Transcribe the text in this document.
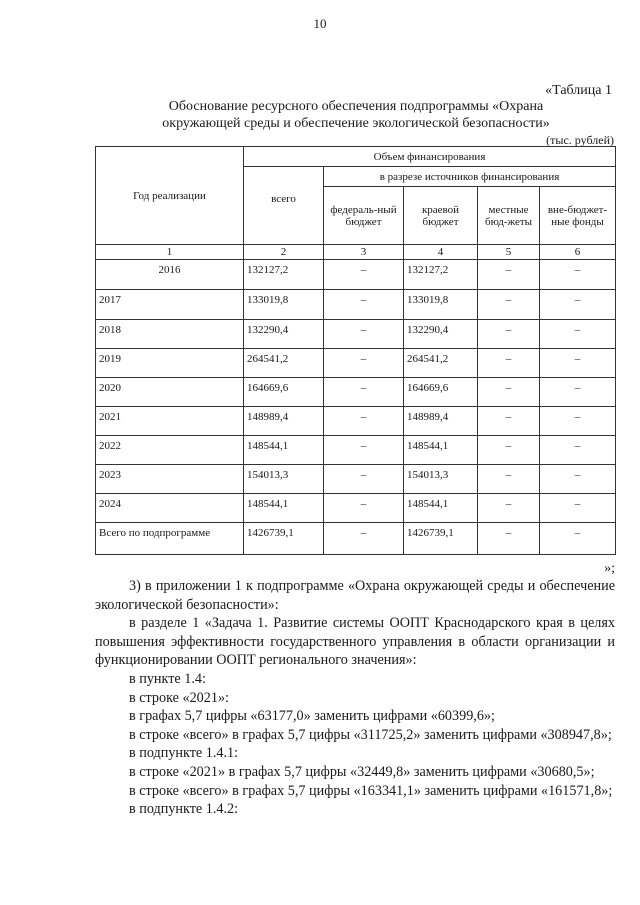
10
«Таблица 1
Обоснование ресурсного обеспечения подпрограммы «Охрана
окружающей среды и обеспечение экологической безопасности»
(тыс. рублей)
Год реализации	Объем финансирования				
	всего	в разрезе источников финансирования			
		федераль-ный бюджет	краевой бюджет	местные бюд-жеты	вне-бюджет-ные фонды
1	2	3	4	5	6
2016	132127,2	–	132127,2	–	–
2017	133019,8	–	133019,8	–	–
2018	132290,4	–	132290,4	–	–
2019	264541,2	–	264541,2	–	–
2020	164669,6	–	164669,6	–	–
2021	148989,4	–	148989,4	–	–
2022	148544,1	–	148544,1	–	–
2023	154013,3	–	154013,3	–	–
2024	148544,1	–	148544,1	–	–
Всего по подпрограмме	1426739,1	–	1426739,1	–	–
»;

3) в приложении 1 к подпрограмме «Охрана окружающей среды и обеспечение экологической безопасности»:

в разделе 1 «Задача 1. Развитие системы ООПТ Краснодарского края в целях повышения эффективности государственного управления в области организации и функционировании ООПТ регионального значения»:

в пункте 1.4:

в строке «2021»:

в графах 5,7 цифры «63177,0» заменить цифрами «60399,6»;

в строке «всего» в графах 5,7 цифры «311725,2» заменить цифрами «308947,8»;

в подпункте 1.4.1:

в строке «2021» в графах 5,7 цифры «32449,8» заменить цифрами «30680,5»;

в строке «всего» в графах 5,7 цифры «163341,1» заменить цифрами «161571,8»;

в подпункте 1.4.2:
